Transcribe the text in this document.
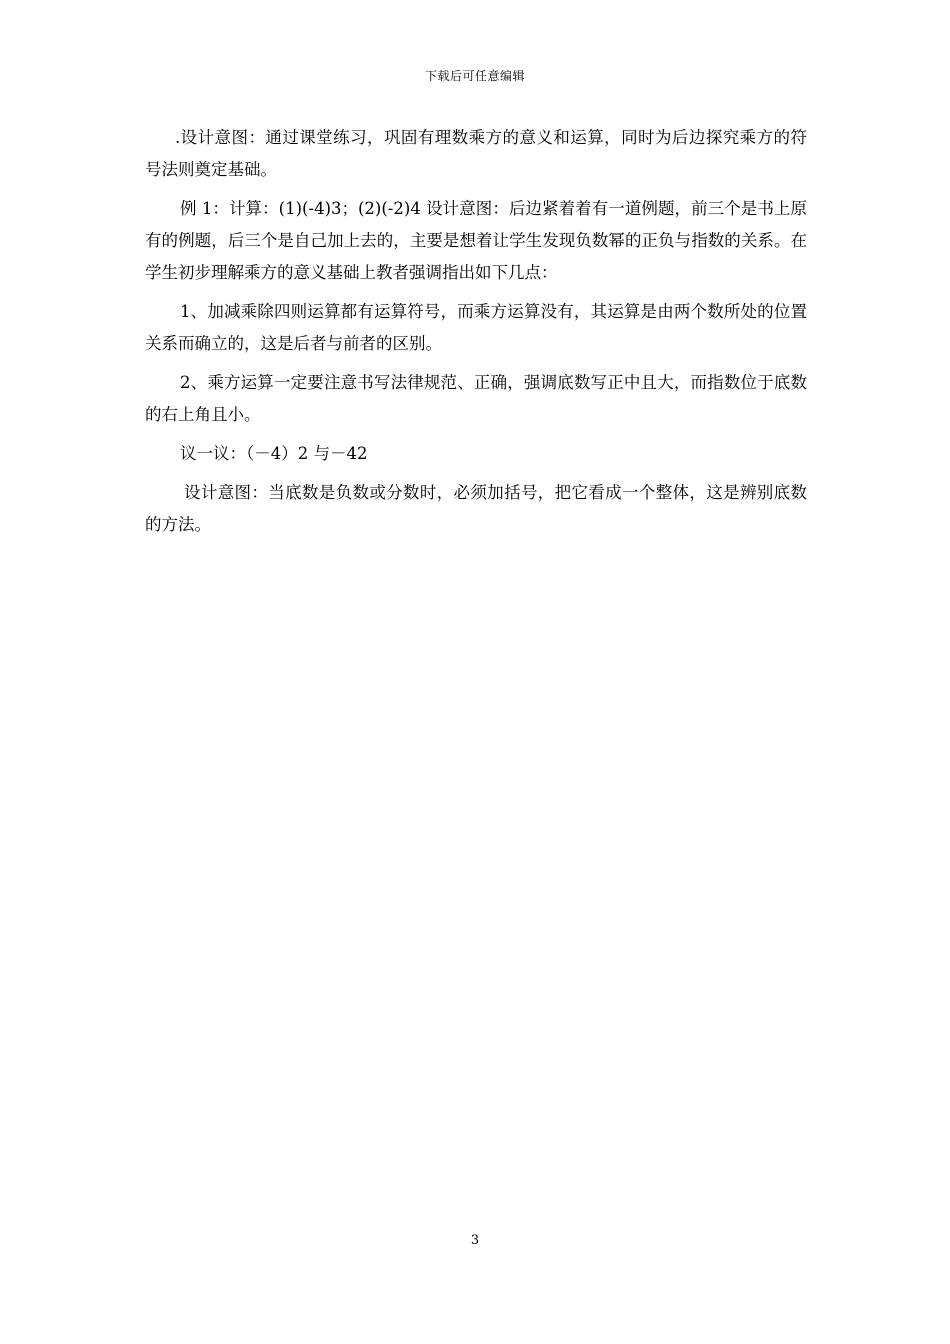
下载后可任意编辑

.设计意图：通过课堂练习，巩固有理数乘方的意义和运算，同时为后边探究乘方的符号法则奠定基础。

例 1：计算：(1)(-4)3；(2)(-2)4 设计意图：后边紧着着有一道例题，前三个是书上原有的例题，后三个是自己加上去的，主要是想着让学生发现负数幂的正负与指数的关系。在学生初步理解乘方的意义基础上教者强调指出如下几点：

1、加减乘除四则运算都有运算符号，而乘方运算没有，其运算是由两个数所处的位置关系而确立的，这是后者与前者的区别。

2、乘方运算一定要注意书写法律规范、正确，强调底数写正中且大，而指数位于底数的右上角且小。

议一议：（－4）2 与－42

设计意图：当底数是负数或分数时，必须加括号，把它看成一个整体，这是辨别底数的方法。

3
